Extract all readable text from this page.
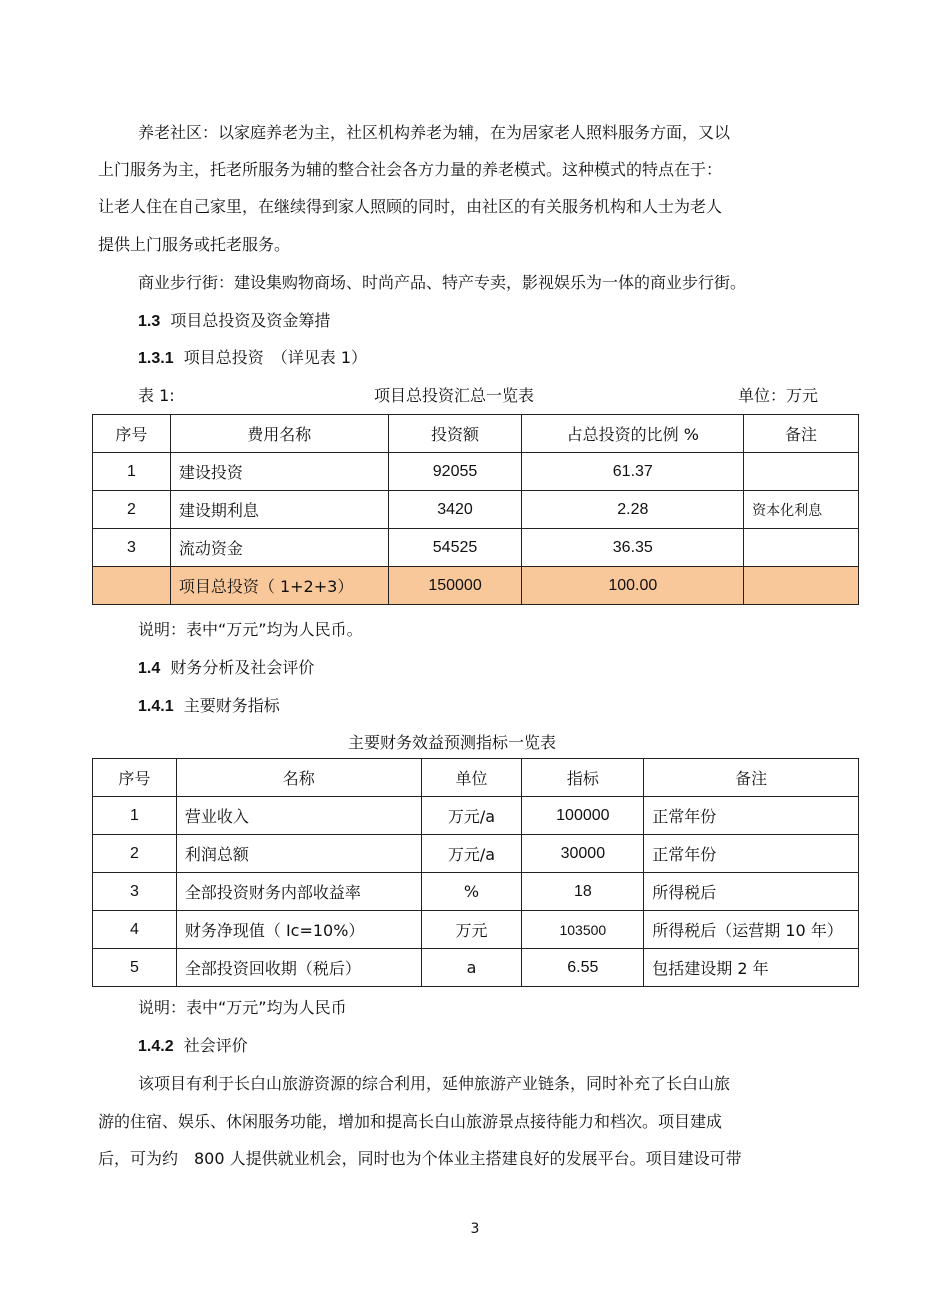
养老社区：以家庭养老为主，社区机构养老为辅，在为居家老人照料服务方面，又以
上门服务为主，托老所服务为辅的整合社会各方力量的养老模式。这种模式的特点在于：
让老人住在自己家里，在继续得到家人照顾的同时，由社区的有关服务机构和人士为老人
提供上门服务或托老服务。
商业步行街：建设集购物商场、时尚产品、特产专卖，影视娱乐为一体的商业步行街。
1.3 项目总投资及资金筹措
1.3.1 项目总投资　（详见表 1）
表 1:	项目总投资汇总一览表	单位：万元
序号	费用名称	投资额	占总投资的比例 %	备注
1	建设投资	92055	61.37	
2	建设期利息	3420	2.28	资本化利息
3	流动资金	54525	36.35	
	项目总投资（ 1+2+3）	150000	100.00	
说明：表中“万元”均为人民币。
1.4 财务分析及社会评价
1.4.1 主要财务指标
主要财务效益预测指标一览表
序号	名称	单位	指标	备注
1	营业收入	万元/a	100000	正常年份
2	利润总额	万元/a	30000	正常年份
3	全部投资财务内部收益率	%	18	所得税后
4	财务净现值（ Ic=10%）	万元	103500	所得税后（运营期 10 年）
5	全部投资回收期（税后）	a	6.55	包括建设期 2 年
说明：表中“万元”均为人民币
1.4.2 社会评价
该项目有利于长白山旅游资源的综合利用，延伸旅游产业链条，同时补充了长白山旅
游的住宿、娱乐、休闲服务功能，增加和提高长白山旅游景点接待能力和档次。项目建成
后，可为约　800 人提供就业机会，同时也为个体业主搭建良好的发展平台。项目建设可带
3
